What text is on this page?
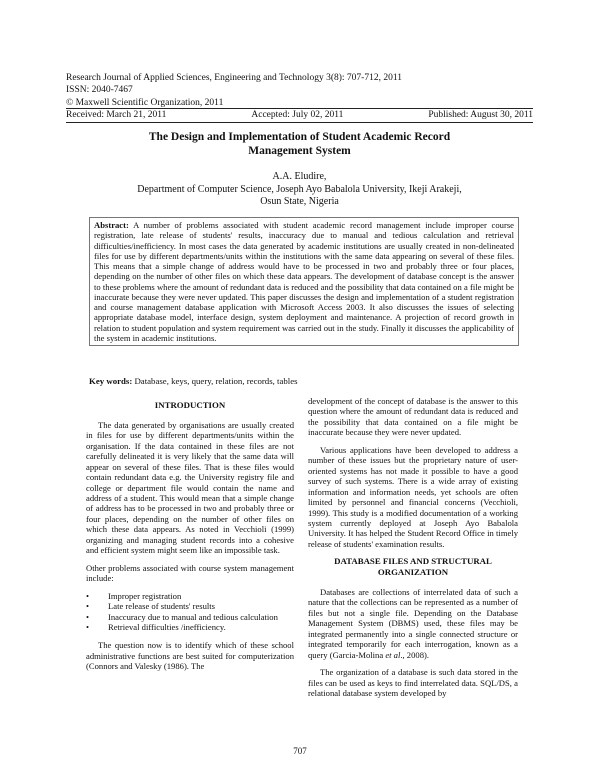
Research Journal of Applied Sciences, Engineering and Technology 3(8): 707-712, 2011
ISSN: 2040-7467
© Maxwell Scientific Organization, 2011
Received: March 21, 2011	Accepted: July 02, 2011	Published: August 30, 2011
The Design and Implementation of Student Academic Record
Management System
A.A. Eludire,
Department of Computer Science, Joseph Ayo Babalola University, Ikeji Arakeji,
Osun State, Nigeria
Abstract: A number of problems associated with student academic record management include improper course registration, late release of students' results, inaccuracy due to manual and tedious calculation and retrieval difficulties/inefficiency. In most cases the data generated by academic institutions are usually created in non-delineated files for use by different departments/units within the institutions with the same data appearing on several of these files. This means that a simple change of address would have to be processed in two and probably three or four places, depending on the number of other files on which these data appears. The development of database concept is the answer to these problems where the amount of redundant data is reduced and the possibility that data contained on a file might be inaccurate because they were never updated. This paper discusses the design and implementation of a student registration and course management database application with Microsoft Access 2003. It also discusses the issues of selecting appropriate database model, interface design, system deployment and maintenance. A projection of record growth in relation to student population and system requirement was carried out in the study. Finally it discusses the applicability of the system in academic institutions.
Key words: Database, keys, query, relation, records, tables
INTRODUCTION

The data generated by organisations are usually created in files for use by different departments/units within the organisation. If the data contained in these files are not carefully delineated it is very likely that the same data will appear on several of these files. That is these files would contain redundant data e.g. the University registry file and college or department file would contain the name and address of a student. This would mean that a simple change of address has to be processed in two and probably three or four places, depending on the number of other files on which these data appears. As noted in Vecchioli (1999) organizing and managing student records into a cohesive and efficient system might seem like an impossible task.

Other problems associated with course system management include:

• Improper registration
• Late release of students' results
• Inaccuracy due to manual and tedious calculation
• Retrieval difficulties /inefficiency.

The question now is to identify which of these school administrative functions are best suited for computerization (Connors and Valesky (1986). The

development of the concept of database is the answer to this question where the amount of redundant data is reduced and the possibility that data contained on a file might be inaccurate because they were never updated.

Various applications have been developed to address a number of these issues but the proprietary nature of user-oriented systems has not made it possible to have a good survey of such systems. There is a wide array of existing information and information needs, yet schools are often limited by personnel and financial concerns (Vecchioli, 1999). This study is a modified documentation of a working system currently deployed at Joseph Ayo Babalola University. It has helped the Student Record Office in timely release of students' examination results.

DATABASE FILES AND STRUCTURAL
ORGANIZATION

Databases are collections of interrelated data of such a nature that the collections can be represented as a number of files but not a single file. Depending on the Database Management System (DBMS) used, these files may be integrated permanently into a single connected structure or integrated temporarily for each interrogation, known as a query (Garcia-Molina et al., 2008).

The organization of a database is such data stored in the files can be used as keys to find interrelated data. SQL/DS, a relational database system developed by

707
